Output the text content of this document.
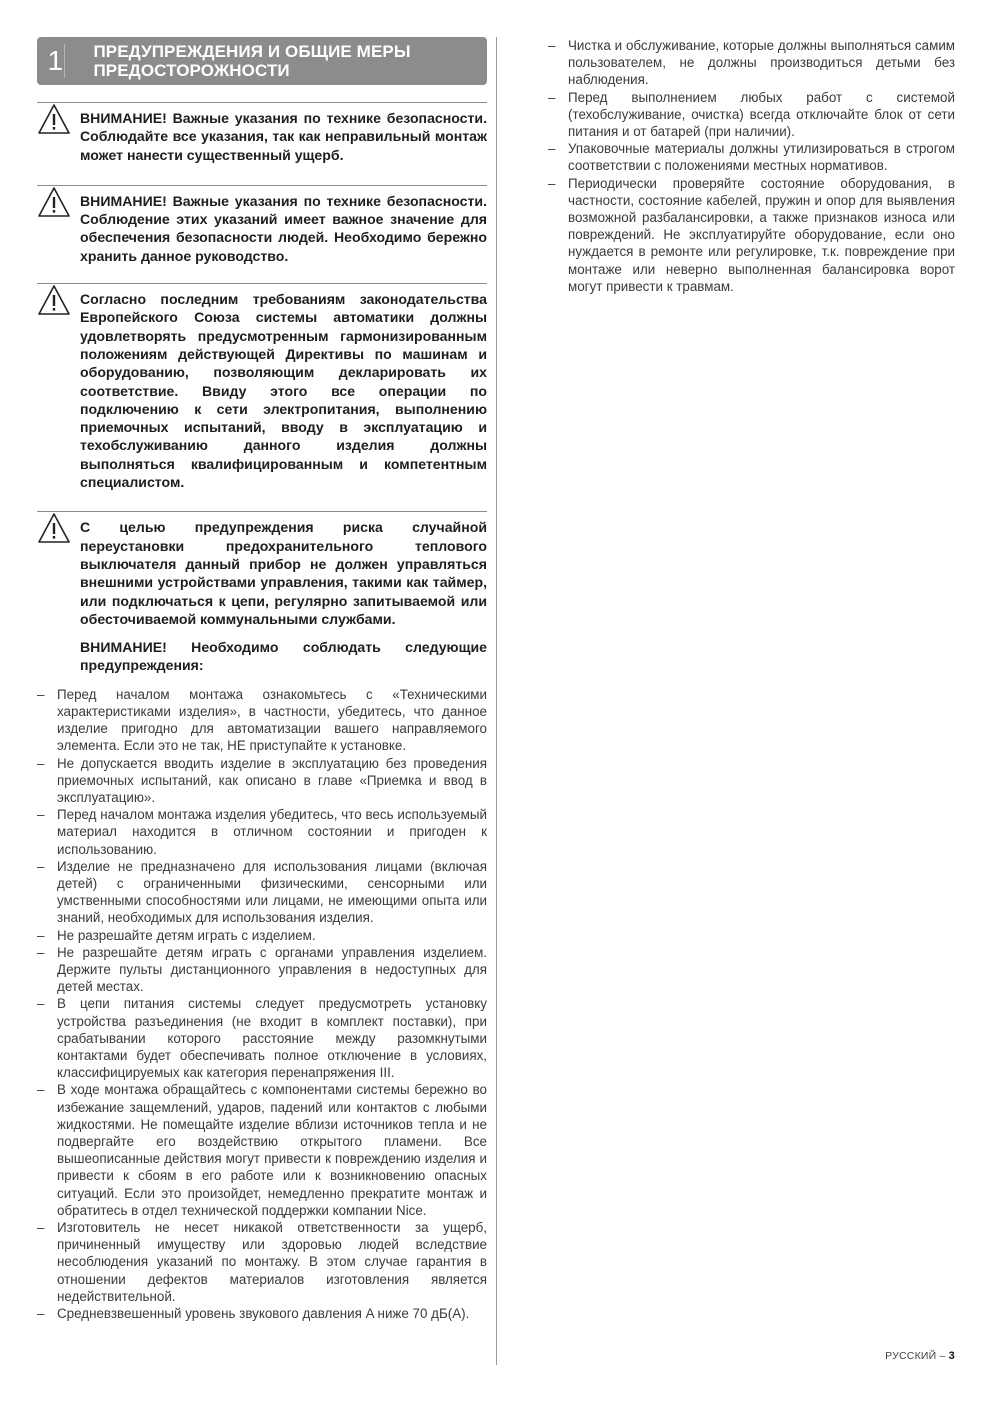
1	ПРЕДУПРЕЖДЕНИЯ И ОБЩИЕ МЕРЫ ПРЕДОСТОРОЖНОСТИ
ВНИМАНИЕ! Важные указания по технике безопасности. Соблюдайте все указания, так как неправильный монтаж может нанести существенный ущерб.
ВНИМАНИЕ! Важные указания по технике безопасности. Соблюдение этих указаний имеет важное значение для обеспечения безопасности людей. Необходимо бережно хранить данное руководство.
Согласно последним требованиям законодательства Европейского Союза системы автоматики должны удовлетворять предусмотренным гармонизированным положениям действующей Директивы по машинам и оборудованию, позволяющим декларировать их соответствие. Ввиду этого все операции по подключению к сети электропитания, выполнению приемочных испытаний, вводу в эксплуатацию и техобслуживанию данного изделия должны выполняться квалифицированным и компетентным специалистом.
С целью предупреждения риска случайной переустановки предохранительного теплового выключателя данный прибор не должен управляться внешними устройствами управления, такими как таймер, или подключаться к цепи, регулярно запитываемой или обесточиваемой коммунальными службами.
ВНИМАНИЕ! Необходимо соблюдать следующие предупреждения:
– Перед началом монтажа ознакомьтесь с «Техническими характеристиками изделия», в частности, убедитесь, что данное изделие пригодно для автоматизации вашего направляемого элемента. Если это не так, НЕ приступайте к установке.
– Не допускается вводить изделие в эксплуатацию без проведения приемочных испытаний, как описано в главе «Приемка и ввод в эксплуатацию».
– Перед началом монтажа изделия убедитесь, что весь используемый материал находится в отличном состоянии и пригоден к использованию.
– Изделие не предназначено для использования лицами (включая детей) с ограниченными физическими, сенсорными или умственными способностями или лицами, не имеющими опыта или знаний, необходимых для использования изделия.
– Не разрешайте детям играть с изделием.
– Не разрешайте детям играть с органами управления изделием. Держите пульты дистанционного управления в недоступных для детей местах.
– В цепи питания системы следует предусмотреть установку устройства разъединения (не входит в комплект поставки), при срабатывании которого расстояние между разомкнутыми контактами будет обеспечивать полное отключение в условиях, классифицируемых как категория перенапряжения III.
– В ходе монтажа обращайтесь с компонентами системы бережно во избежание защемлений, ударов, падений или контактов с любыми жидкостями. Не помещайте изделие вблизи источников тепла и не подвергайте его воздействию открытого пламени. Все вышеописанные действия могут привести к повреждению изделия и привести к сбоям в его работе или к возникновению опасных ситуаций. Если это произойдет, немедленно прекратите монтаж и обратитесь в отдел технической поддержки компании Nice.
– Изготовитель не несет никакой ответственности за ущерб, причиненный имуществу или здоровью людей вследствие несоблюдения указаний по монтажу. В этом случае гарантия в отношении дефектов материалов изготовления является недействительной.
– Средневзвешенный уровень звукового давления A ниже 70 дБ(A).
– Чистка и обслуживание, которые должны выполняться самим пользователем, не должны производиться детьми без наблюдения.
– Перед выполнением любых работ с системой (техобслуживание, очистка) всегда отключайте блок от сети питания и от батарей (при наличии).
– Упаковочные материалы должны утилизироваться в строгом соответствии с положениями местных нормативов.
– Периодически проверяйте состояние оборудования, в частности, состояние кабелей, пружин и опор для выявления возможной разбалансировки, а также признаков износа или повреждений. Не эксплуатируйте оборудование, если оно нуждается в ремонте или регулировке, т.к. повреждение при монтаже или неверно выполненная балансировка ворот могут привести к травмам.
РУССКИЙ – 3
